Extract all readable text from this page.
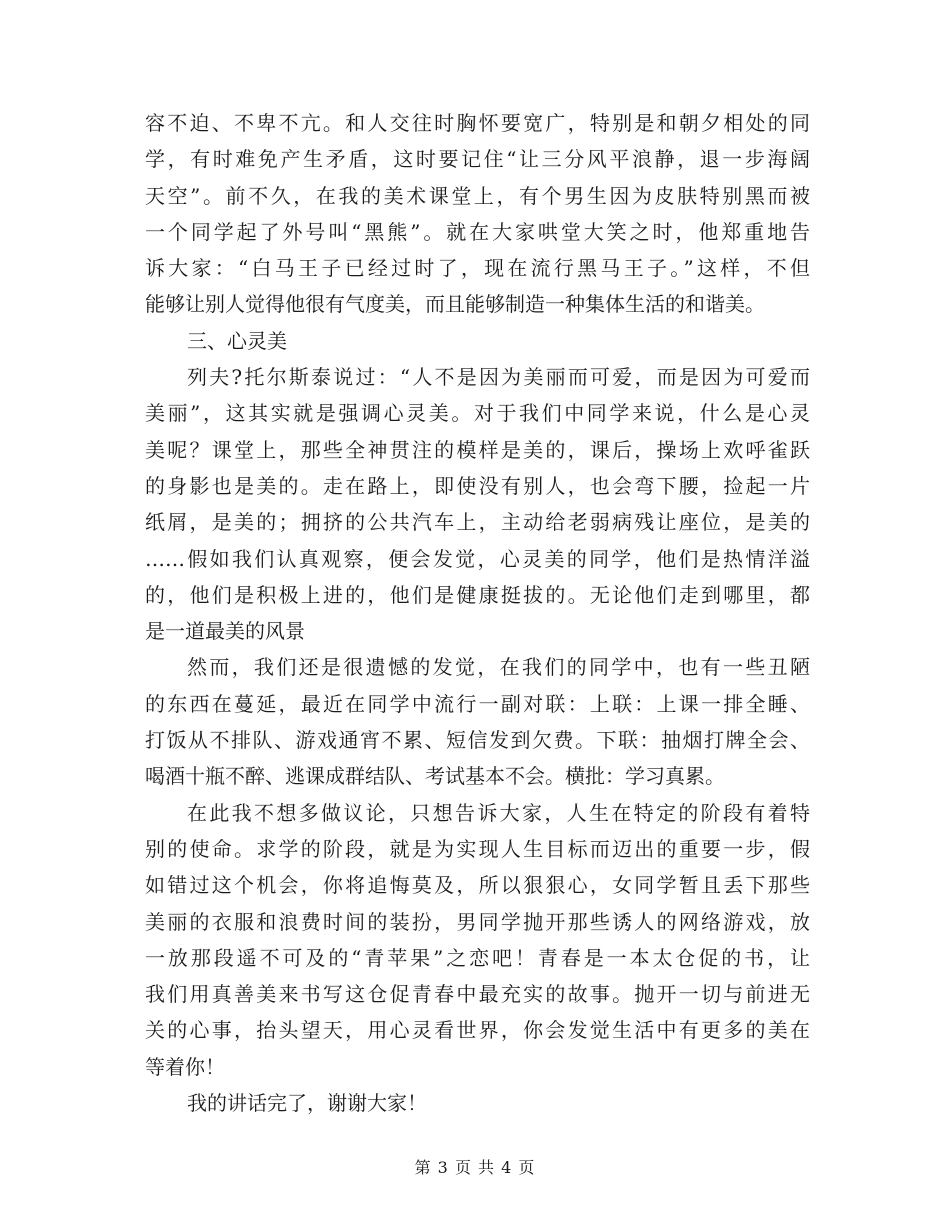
容不迫、不卑不亢。和人交往时胸怀要宽广，特别是和朝夕相处的同
学，有时难免产生矛盾，这时要记住“让三分风平浪静，退一步海阔
天空”。前不久，在我的美术课堂上，有个男生因为皮肤特别黑而被
一个同学起了外号叫“黑熊”。就在大家哄堂大笑之时，他郑重地告
诉大家：“白马王子已经过时了，现在流行黑马王子。”这样，不但
能够让别人觉得他很有气度美，而且能够制造一种集体生活的和谐美。
三、心灵美
列夫?托尔斯泰说过：“人不是因为美丽而可爱，而是因为可爱而
美丽”，这其实就是强调心灵美。对于我们中同学来说，什么是心灵
美呢？课堂上，那些全神贯注的模样是美的，课后，操场上欢呼雀跃
的身影也是美的。走在路上，即使没有别人，也会弯下腰，捡起一片
纸屑，是美的；拥挤的公共汽车上，主动给老弱病残让座位，是美的
……假如我们认真观察，便会发觉，心灵美的同学，他们是热情洋溢
的，他们是积极上进的，他们是健康挺拔的。无论他们走到哪里，都
是一道最美的风景
然而，我们还是很遗憾的发觉，在我们的同学中，也有一些丑陋
的东西在蔓延，最近在同学中流行一副对联：上联：上课一排全睡、
打饭从不排队、游戏通宵不累、短信发到欠费。下联：抽烟打牌全会、
喝酒十瓶不醉、逃课成群结队、考试基本不会。横批：学习真累。
在此我不想多做议论，只想告诉大家，人生在特定的阶段有着特
别的使命。求学的阶段，就是为实现人生目标而迈出的重要一步，假
如错过这个机会，你将追悔莫及，所以狠狠心，女同学暂且丢下那些
美丽的衣服和浪费时间的装扮，男同学抛开那些诱人的网络游戏，放
一放那段遥不可及的“青苹果”之恋吧！青春是一本太仓促的书，让
我们用真善美来书写这仓促青春中最充实的故事。抛开一切与前进无
关的心事，抬头望天，用心灵看世界，你会发觉生活中有更多的美在
等着你！
我的讲话完了，谢谢大家！
第 3 页 共 4 页
